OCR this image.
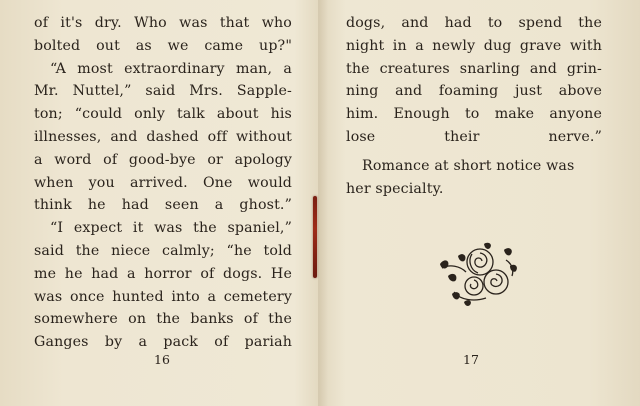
of it's dry. Who was that who
bolted out as we came up?"

“A most extraordinary man, a
Mr. Nuttel,” said Mrs. Sapple-
ton; “could only talk about his
illnesses, and dashed off without
a word of good-bye or apology
when you arrived. One would
think he had seen a ghost.”

“I expect it was the spaniel,”
said the niece calmly; “he told
me he had a horror of dogs. He
was once hunted into a cemetery
somewhere on the banks of the
Ganges by a pack of pariah

16

dogs, and had to spend the
night in a newly dug grave with
the creatures snarling and grin-
ning and foaming just above
him. Enough to make anyone
lose their nerve.”

Romance at short notice was
her specialty.

17
